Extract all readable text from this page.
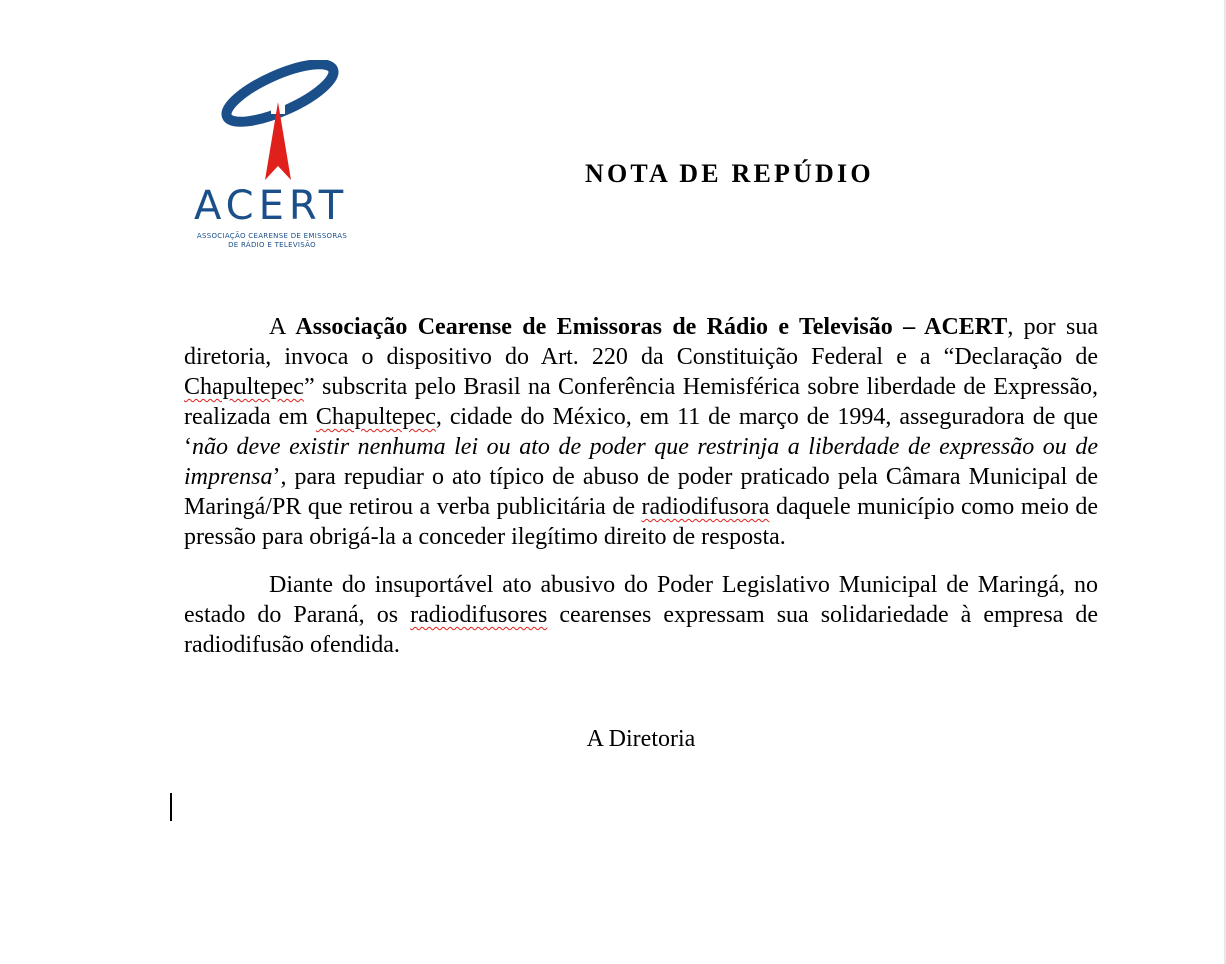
ACERT
ASSOCIAÇÃO CEARENSE DE EMISSORAS
DE RÁDIO E TELEVISÃO
NOTA DE REPÚDIO

A Associação Cearense de Emissoras de Rádio e Televisão – ACERT, por sua diretoria, invoca o dispositivo do Art. 220 da Constituição Federal e a “Declaração de Chapultepec” subscrita pelo Brasil na Conferência Hemisférica sobre liberdade de Expressão, realizada em Chapultepec, cidade do México, em 11 de março de 1994, asseguradora de que ‘não deve existir nenhuma lei ou ato de poder que restrinja a liberdade de expressão ou de imprensa’, para repudiar o ato típico de abuso de poder praticado pela Câmara Municipal de Maringá/PR que retirou a verba publicitária de radiodifusora daquele município como meio de pressão para obrigá-la a conceder ilegítimo direito de resposta.

Diante do insuportável ato abusivo do Poder Legislativo Municipal de Maringá, no estado do Paraná, os radiodifusores cearenses expressam sua solidariedade à empresa de radiodifusão ofendida.

A Diretoria
